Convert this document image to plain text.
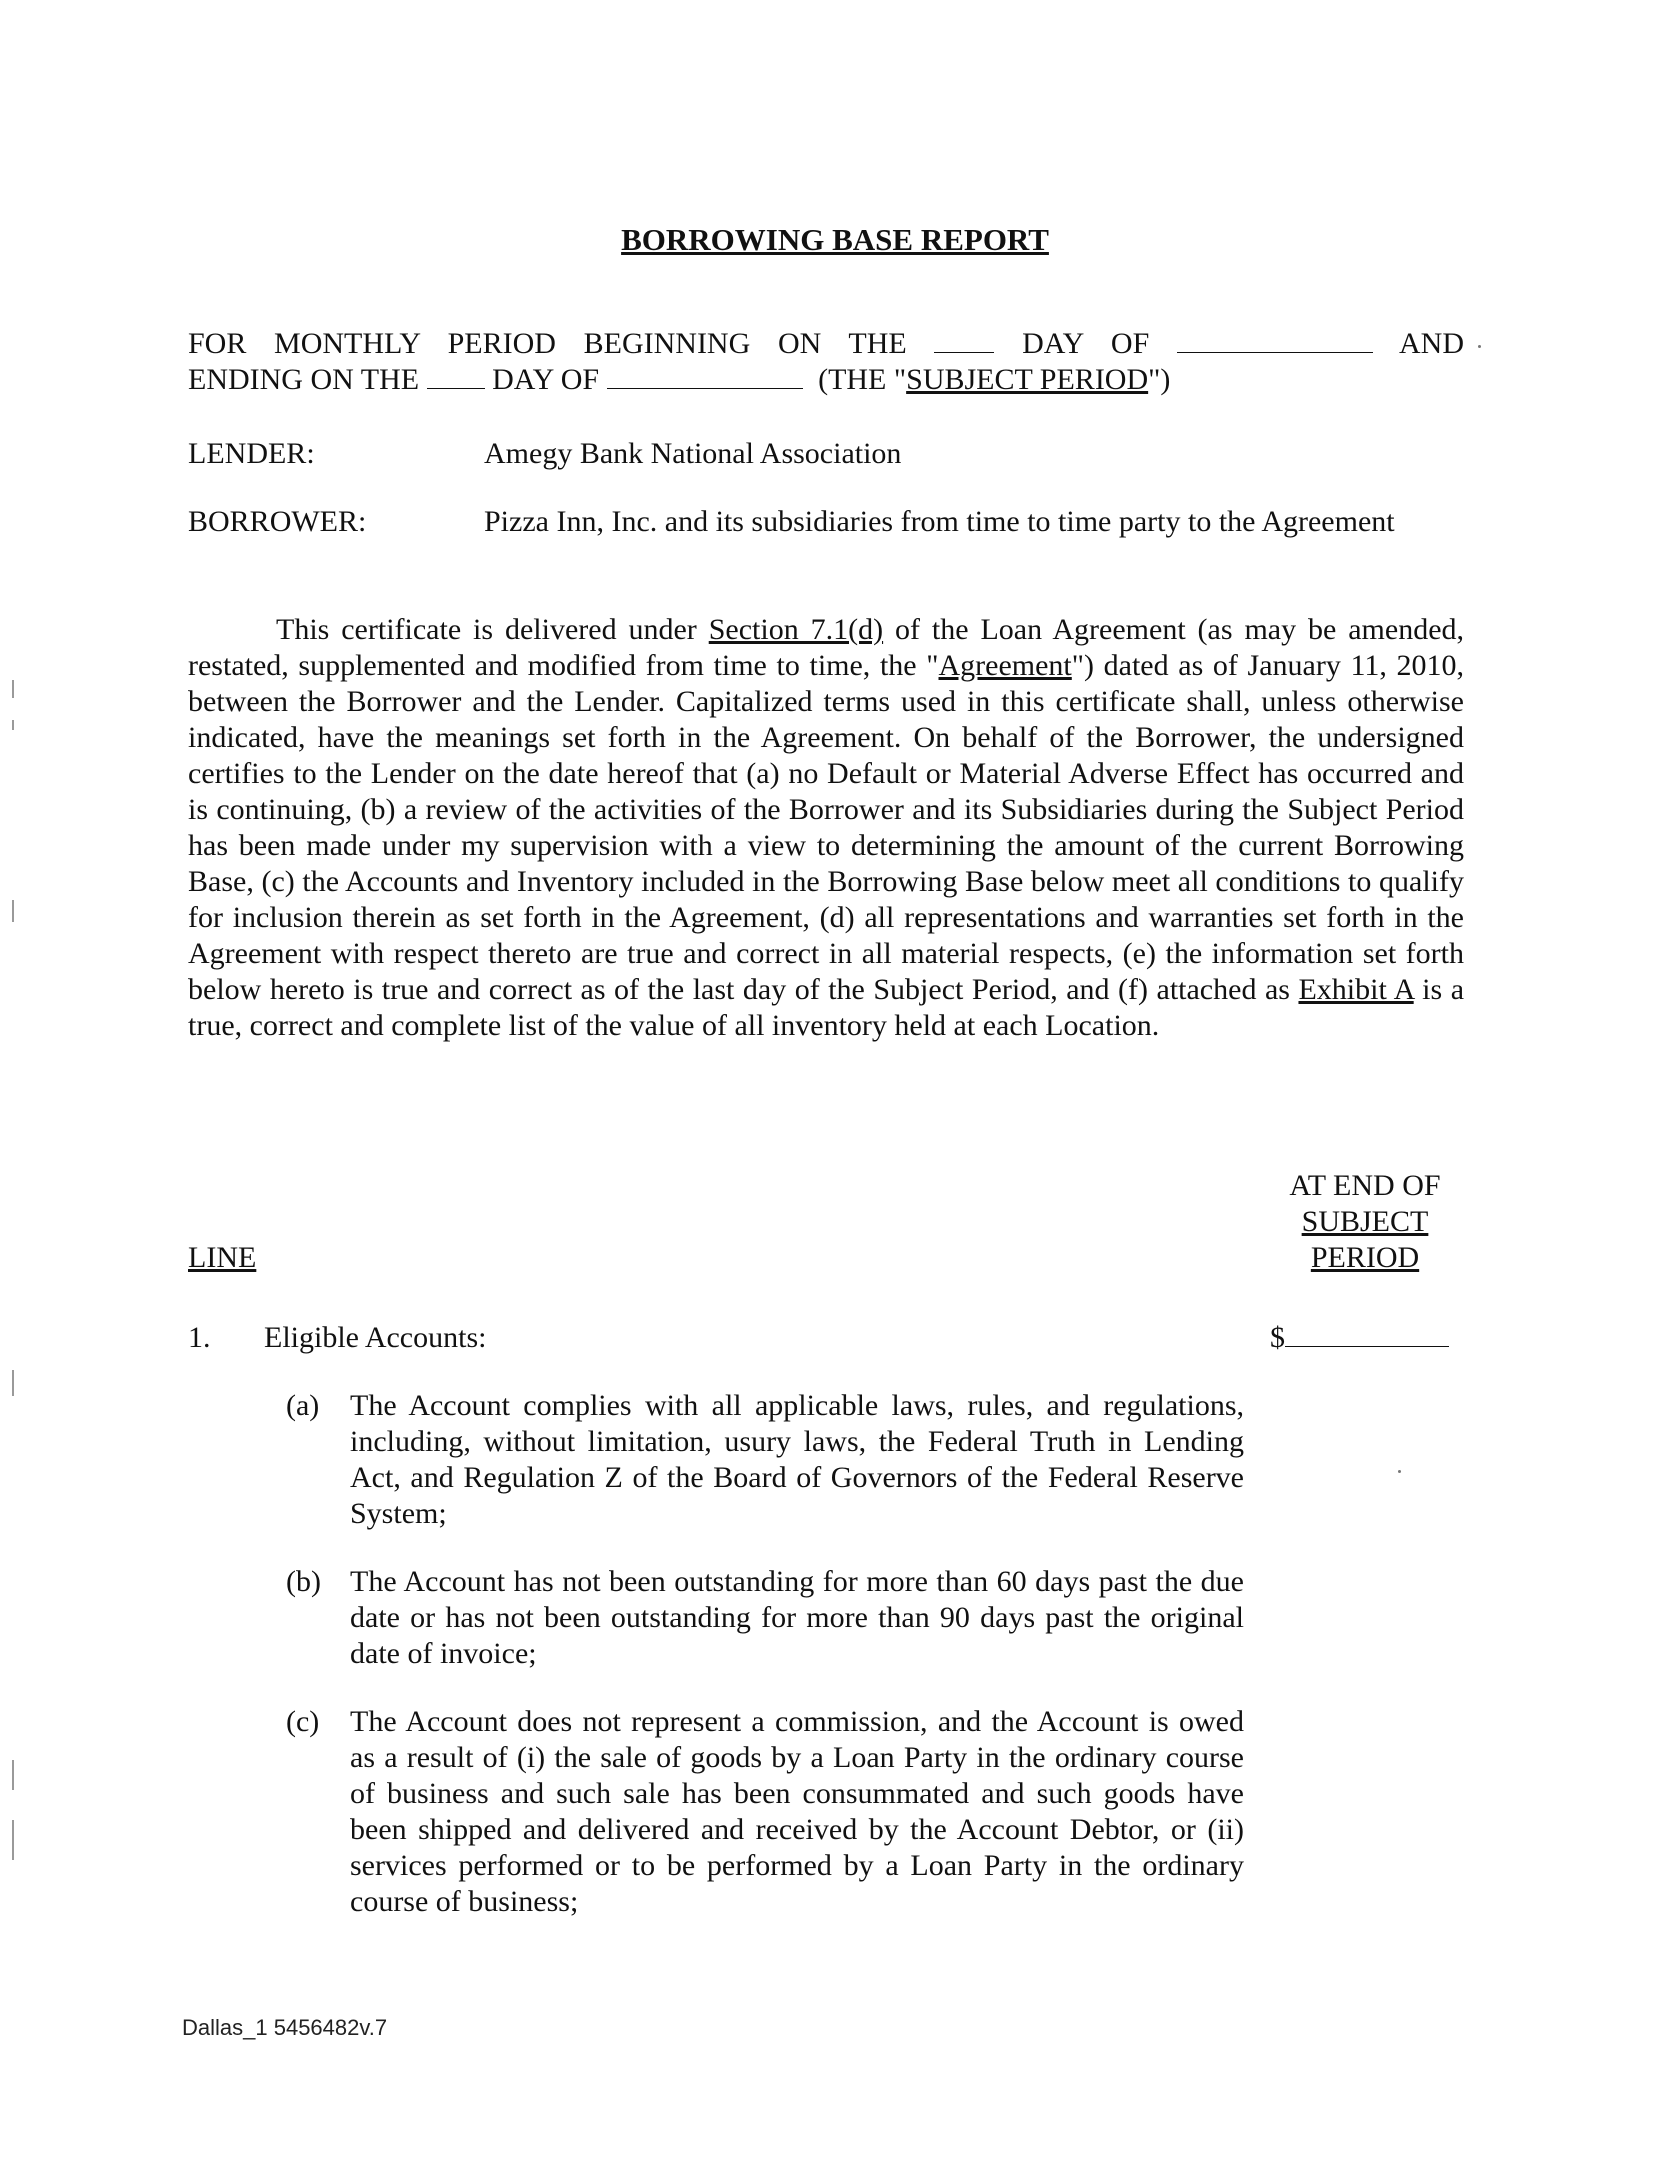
BORROWING BASE REPORT
FOR MONTHLY PERIOD BEGINNING ON THE	DAY OF	AND
ENDING ON THE DAY OF	(THE "SUBJECT PERIOD")
LENDER:	Amegy Bank National Association
BORROWER:	Pizza Inn, Inc. and its subsidiaries from time to time party to the Agreement
This certificate is delivered under Section 7.1(d) of the Loan Agreement (as may be amended, restated, supplemented and modified from time to time, the "Agreement") dated as of January 11, 2010, between the Borrower and the Lender. Capitalized terms used in this certificate shall, unless otherwise indicated, have the meanings set forth in the Agreement. On behalf of the Borrower, the undersigned certifies to the Lender on the date hereof that (a) no Default or Material Adverse Effect has occurred and is continuing, (b) a review of the activities of the Borrower and its Subsidiaries during the Subject Period has been made under my supervision with a view to determining the amount of the current Borrowing Base, (c) the Accounts and Inventory included in the Borrowing Base below meet all conditions to qualify for inclusion therein as set forth in the Agreement, (d) all representations and warranties set forth in the Agreement with respect thereto are true and correct in all material respects, (e) the information set forth below hereto is true and correct as of the last day of the Subject Period, and (f) attached as Exhibit A is a true, correct and complete list of the value of all inventory held at each Location.
AT END OF
SUBJECT
PERIOD
LINE
1. Eligible Accounts:	$
(a) The Account complies with all applicable laws, rules, and regulations, including, without limitation, usury laws, the Federal Truth in Lending Act, and Regulation Z of the Board of Governors of the Federal Reserve System;
(b) The Account has not been outstanding for more than 60 days past the due date or has not been outstanding for more than 90 days past the original date of invoice;
(c) The Account does not represent a commission, and the Account is owed as a result of (i) the sale of goods by a Loan Party in the ordinary course of business and such sale has been consummated and such goods have been shipped and delivered and received by the Account Debtor, or (ii) services performed or to be performed by a Loan Party in the ordinary course of business;
Dallas_1 5456482v.7
